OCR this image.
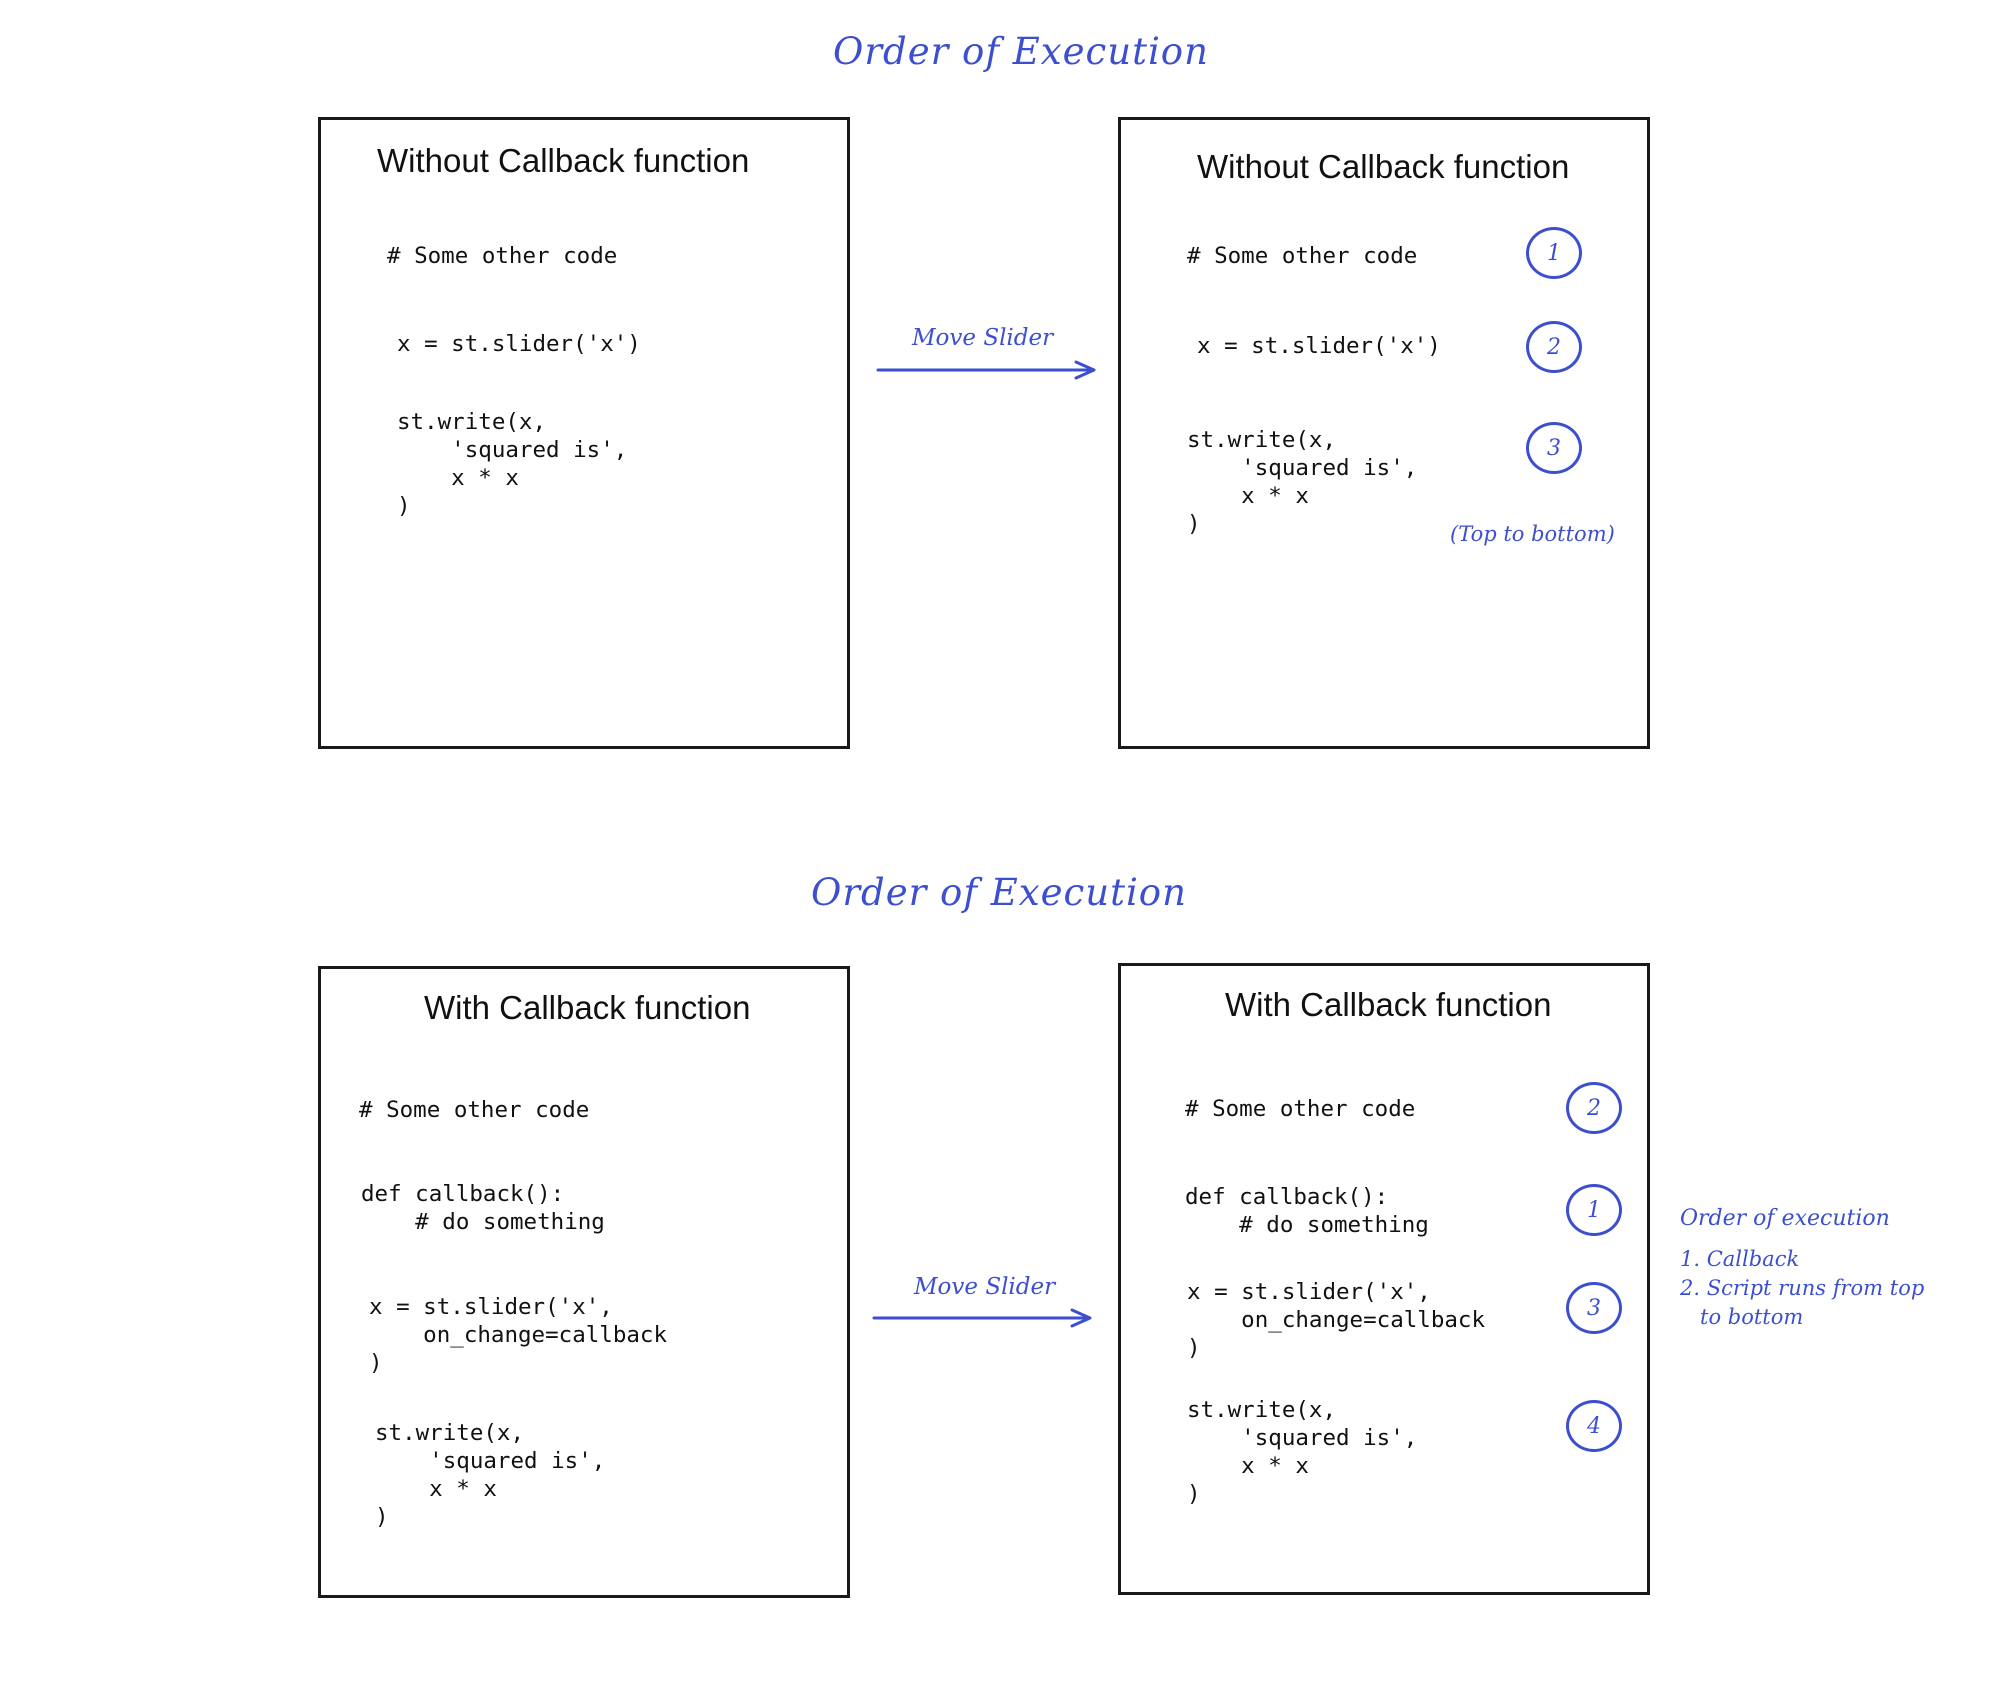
Order of Execution
Without Callback function
# Some other code
x = st.slider('x')
st.write(x,
'squared is',
x * x
)
Move Slider
Without Callback function
# Some other code
x = st.slider('x')
st.write(x,
'squared is',
x * x
)
1
2
3
(Top to bottom)
Order of Execution
With Callback function
# Some other code
def callback():
# do something
x = st.slider('x',
on_change=callback
)
st.write(x,
'squared is',
x * x
)
Move Slider
With Callback function
# Some other code
def callback():
# do something
x = st.slider('x',
on_change=callback
)
st.write(x,
'squared is',
x * x
)
2
1
3
4
Order of execution
1. Callback
2. Script runs from top
to bottom
